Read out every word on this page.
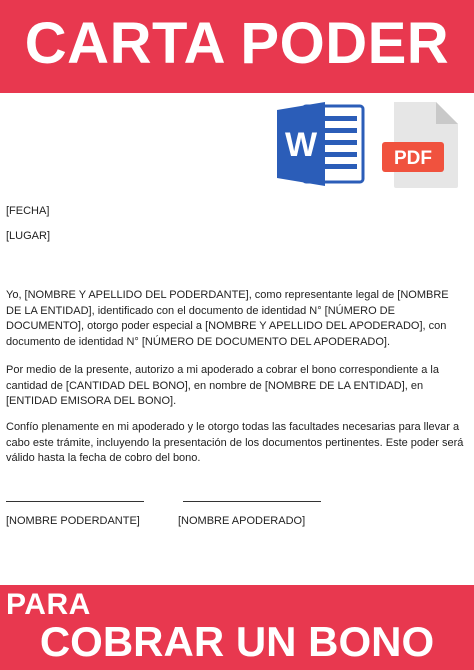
CARTA PODER
W	PDF
[FECHA]
[LUGAR]

Yo, [NOMBRE Y APELLIDO DEL PODERDANTE], como representante legal de [NOMBRE DE LA ENTIDAD], identificado con el documento de identidad N° [NÚMERO DE DOCUMENTO], otorgo poder especial a [NOMBRE Y APELLIDO DEL APODERADO], con documento de identidad N° [NÚMERO DE DOCUMENTO DEL APODERADO].

Por medio de la presente, autorizo a mi apoderado a cobrar el bono correspondiente a la cantidad de [CANTIDAD DEL BONO], en nombre de [NOMBRE DE LA ENTIDAD], en [ENTIDAD EMISORA DEL BONO].

Confío plenamente en mi apoderado y le otorgo todas las facultades necesarias para llevar a cabo este trámite, incluyendo la presentación de los documentos pertinentes. Este poder será válido hasta la fecha de cobro del bono.

[NOMBRE PODERDANTE]	[NOMBRE APODERADO]
PARA
COBRAR UN BONO
